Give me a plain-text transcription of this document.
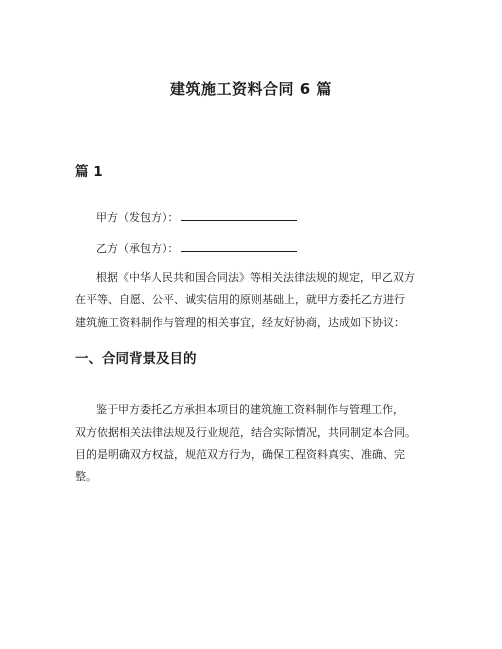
建筑施工资料合同 6 篇
篇 1
甲方（发包方）：
乙方（承包方）：
根据《中华人民共和国合同法》等相关法律法规的规定，甲乙双方
在平等、自愿、公平、诚实信用的原则基础上，就甲方委托乙方进行
建筑施工资料制作与管理的相关事宜，经友好协商，达成如下协议：
一、合同背景及目的
鉴于甲方委托乙方承担本项目的建筑施工资料制作与管理工作，
双方依据相关法律法规及行业规范，结合实际情况，共同制定本合同。
目的是明确双方权益，规范双方行为，确保工程资料真实、准确、完
整。
